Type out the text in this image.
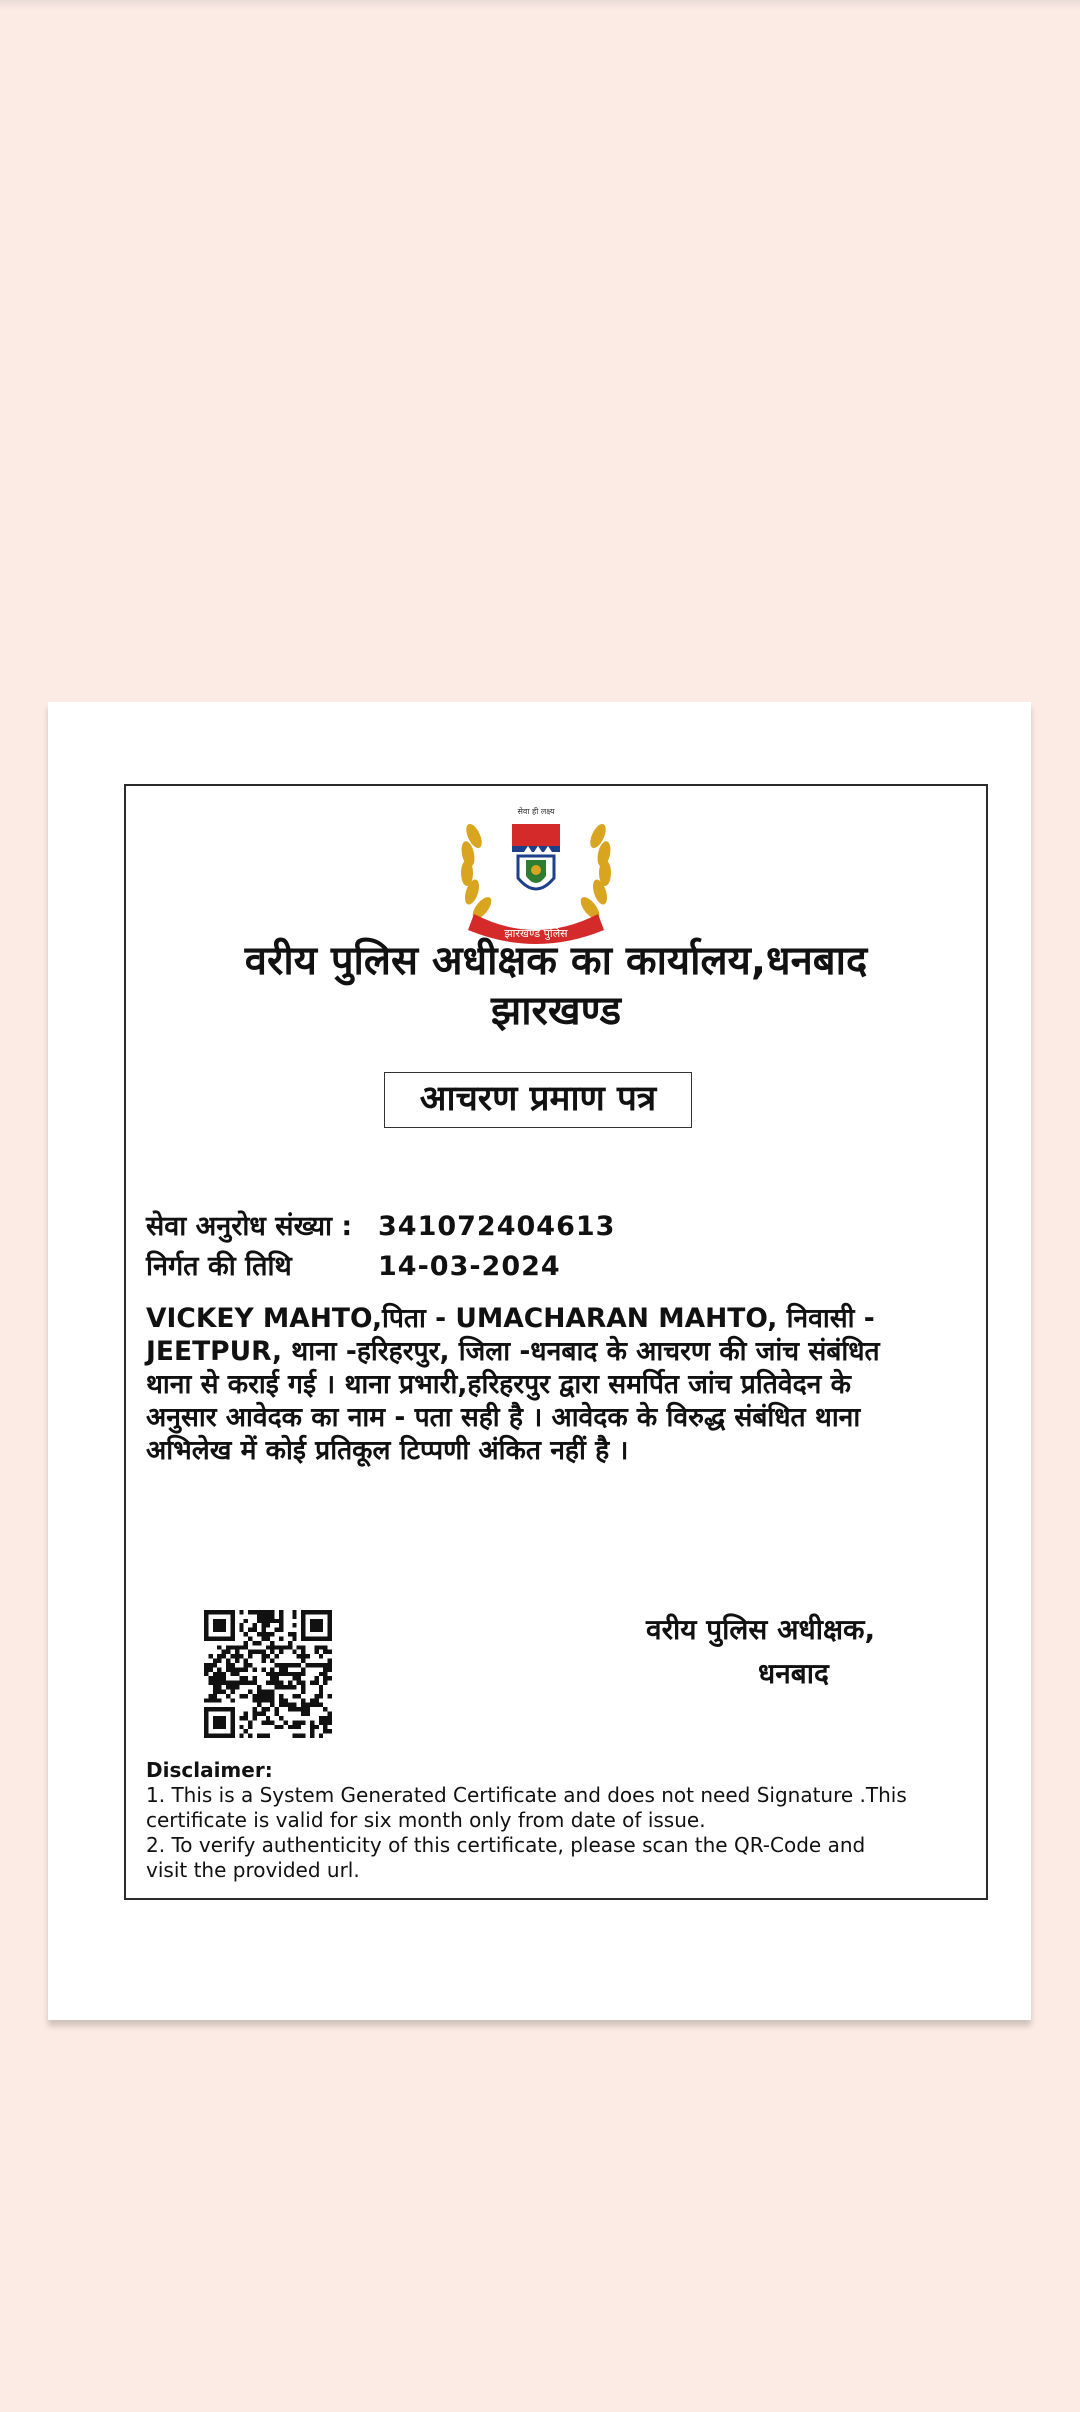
झारखण्ड पुलिस
सेवा ही लक्ष्य
वरीय पुलिस अधीक्षक का कार्यालय,धनबाद
झारखण्ड
आचरण प्रमाण पत्र
सेवा अनुरोध संख्या : 341072404613
निर्गत की तिथि	14-03-2024
VICKEY MAHTO,पिता - UMACHARAN MAHTO, निवासी -
JEETPUR, थाना -हरिहरपुर, जिला -धनबाद के आचरण की जांच संबंधित
थाना से कराई गई । थाना प्रभारी,हरिहरपुर द्वारा समर्पित जांच प्रतिवेदन के
अनुसार आवेदक का नाम - पता सही है । आवेदक के विरुद्ध संबंधित थाना
अभिलेख में कोई प्रतिकूल टिप्पणी अंकित नहीं है ।
वरीय पुलिस अधीक्षक,
धनबाद
Disclaimer:
1. This is a System Generated Certificate and does not need Signature .This
certificate is valid for six month only from date of issue.
2. To verify authenticity of this certificate, please scan the QR-Code and
visit the provided url.
